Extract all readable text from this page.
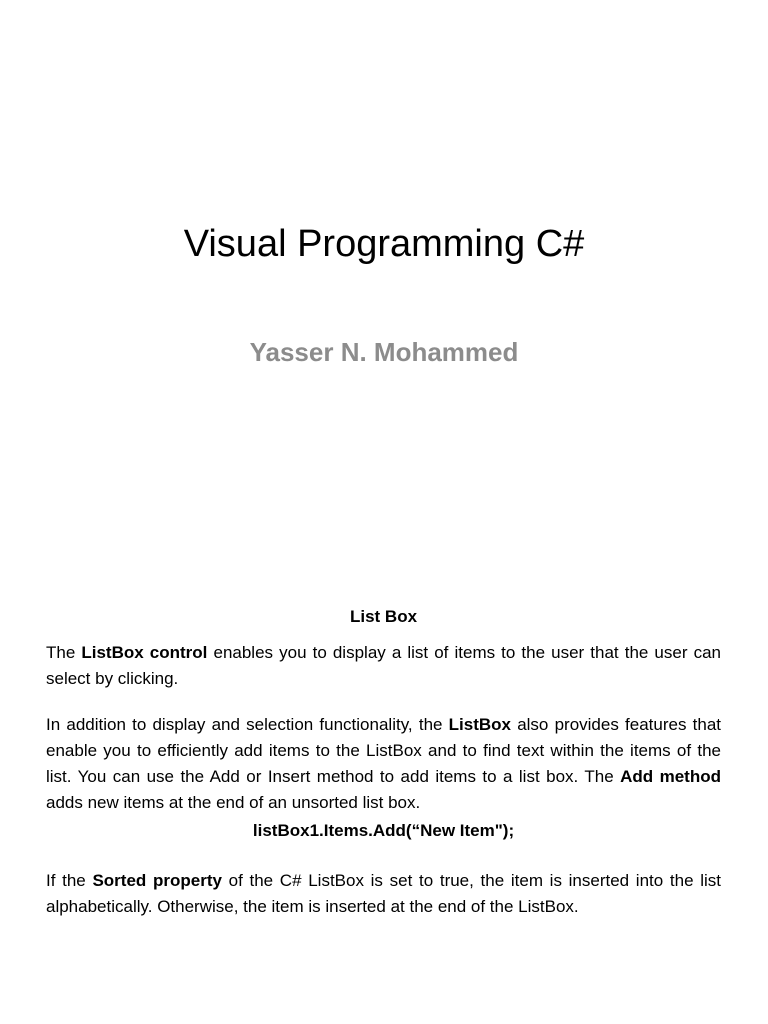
Visual Programming C#
Yasser N. Mohammed
List Box

The ListBox control enables you to display a list of items to the user that the user can select by clicking.

In addition to display and selection functionality, the ListBox also provides features that enable you to efficiently add items to the ListBox and to find text within the items of the list. You can use the Add or Insert method to add items to a list box. The Add method adds new items at the end of an unsorted list box.

listBox1.Items.Add(“New Item");

If the Sorted property of the C# ListBox is set to true, the item is inserted into the list alphabetically. Otherwise, the item is inserted at the end of the ListBox.
